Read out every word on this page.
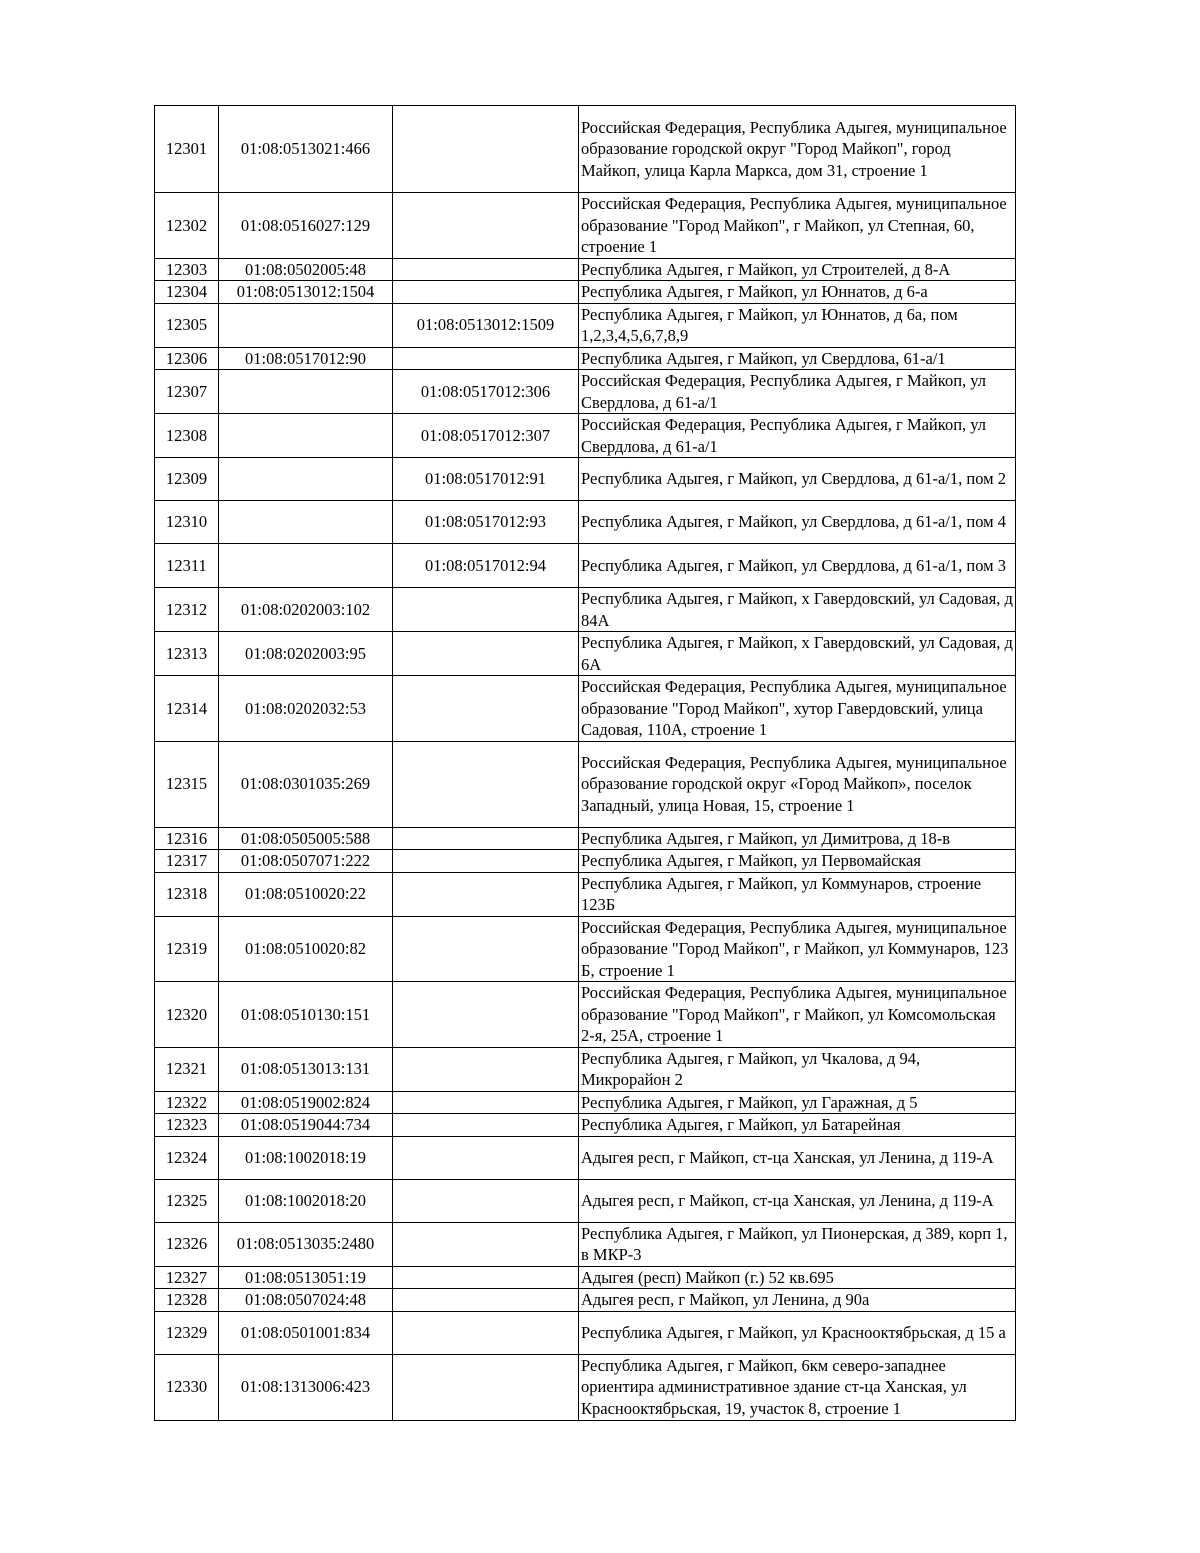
12301	01:08:0513021:466		Российская Федерация, Республика Адыгея, муниципальное образование городской округ "Город Майкоп", город Майкоп, улица Карла Маркса, дом 31, строение 1
12302	01:08:0516027:129		Российская Федерация, Республика Адыгея, муниципальное образование "Город Майкоп", г Майкоп, ул Степная, 60, строение 1
12303	01:08:0502005:48		Республика Адыгея, г Майкоп, ул Строителей, д 8-А
12304	01:08:0513012:1504		Республика Адыгея, г Майкоп, ул Юннатов, д 6-а
12305		01:08:0513012:1509	Республика Адыгея, г Майкоп, ул Юннатов, д 6а, пом 1,2,3,4,5,6,7,8,9
12306	01:08:0517012:90		Республика Адыгея, г Майкоп, ул Свердлова, 61-а/1
12307		01:08:0517012:306	Российская Федерация, Республика Адыгея, г Майкоп, ул Свердлова, д 61-а/1
12308		01:08:0517012:307	Российская Федерация, Республика Адыгея, г Майкоп, ул Свердлова, д 61-а/1
12309		01:08:0517012:91	Республика Адыгея, г Майкоп, ул Свердлова, д 61-а/1, пом 2
12310		01:08:0517012:93	Республика Адыгея, г Майкоп, ул Свердлова, д 61-а/1, пом 4
12311		01:08:0517012:94	Республика Адыгея, г Майкоп, ул Свердлова, д 61-а/1, пом 3
12312	01:08:0202003:102		Республика Адыгея, г Майкоп, х Гавердовский, ул Садовая, д 84А
12313	01:08:0202003:95		Республика Адыгея, г Майкоп, х Гавердовский, ул Садовая, д 6А
12314	01:08:0202032:53		Российская Федерация, Республика Адыгея, муниципальное образование "Город Майкоп", хутор Гавердовский, улица Садовая, 110А, строение 1
12315	01:08:0301035:269		Российская Федерация, Республика Адыгея, муниципальное образование городской округ «Город Майкоп», поселок Западный, улица Новая, 15, строение 1
12316	01:08:0505005:588		Республика Адыгея, г Майкоп, ул Димитрова, д 18-в
12317	01:08:0507071:222		Республика Адыгея, г Майкоп, ул Первомайская
12318	01:08:0510020:22		Республика Адыгея, г Майкоп, ул Коммунаров, строение 123Б
12319	01:08:0510020:82		Российская Федерация, Республика Адыгея, муниципальное образование "Город Майкоп", г Майкоп, ул Коммунаров, 123 Б, строение 1
12320	01:08:0510130:151		Российская Федерация, Республика Адыгея, муниципальное образование "Город Майкоп", г Майкоп, ул Комсомольская 2-я, 25А, строение 1
12321	01:08:0513013:131		Республика Адыгея, г Майкоп, ул Чкалова, д 94, Микрорайон 2
12322	01:08:0519002:824		Республика Адыгея, г Майкоп, ул Гаражная, д 5
12323	01:08:0519044:734		Республика Адыгея, г Майкоп, ул Батарейная
12324	01:08:1002018:19		Адыгея респ, г Майкоп, ст-ца Ханская, ул Ленина, д 119-А
12325	01:08:1002018:20		Адыгея респ, г Майкоп, ст-ца Ханская, ул Ленина, д 119-А
12326	01:08:0513035:2480		Республика Адыгея, г Майкоп, ул Пионерская, д 389, корп 1, в МКР-3
12327	01:08:0513051:19		Адыгея (респ) Майкоп (г.) 52 кв.695
12328	01:08:0507024:48		Адыгея респ, г Майкоп, ул Ленина, д 90а
12329	01:08:0501001:834		Республика Адыгея, г Майкоп, ул Краснооктябрьская, д 15 а
12330	01:08:1313006:423		Республика Адыгея, г Майкоп, 6км северо-западнее ориентира административное здание ст-ца Ханская, ул Краснооктябрьская, 19, участок 8, строение 1
